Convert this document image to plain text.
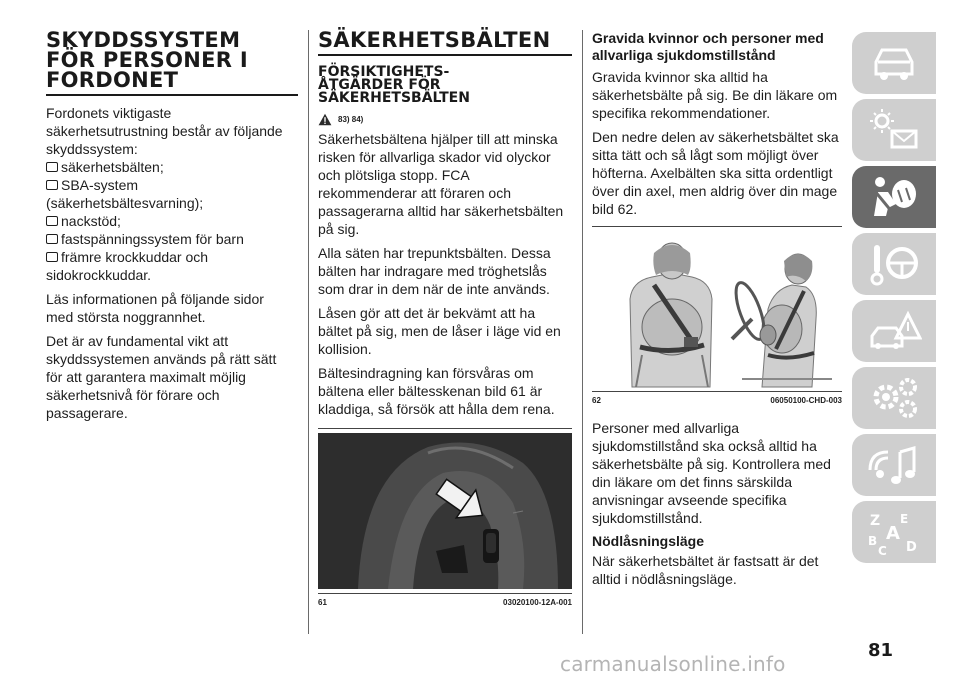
SKYDDSSYSTEM
FÖR PERSONER I
FORDONET

Fordonets viktigaste
säkerhetsutrustning består av följande
skyddssystem:

säkerhetsbälten;
SBA-system
(säkerhetsbältesvarning);
nackstöd;
fastspänningssystem för barn
främre krockkuddar och
sidokrockkuddar.

Läs informationen på följande sidor
med största noggrannhet.

Det är av fundamental vikt att
skyddssystemen används på rätt sätt
för att garantera maximalt möjlig
säkerhetsnivå för förare och
passagerare.

SÄKERHETSBÄLTEN
FÖRSIKTIGHETS-
ÅTGÄRDER FÖR
SÄKERHETSBÄLTEN
83) 84)

Säkerhetsbältena hjälper till att minska
risken för allvarliga skador vid olyckor
och plötsliga stopp. FCA
rekommenderar att föraren och
passagerarna alltid har säkerhetsbälten
på sig.

Alla säten har trepunktsbälten. Dessa
bälten har indragare med tröghetslås
som drar in dem när de inte används.

Låsen gör att det är bekvämt att ha
bältet på sig, men de låser i läge vid en
kollision.

Bältesindragning kan försvåras om
bältena eller bältesskenan bild 61 är
kladdiga, så försök att hålla dem rena.

61	03020100-12A-001
Gravida kvinnor och personer med
allvarliga sjukdomstillstånd

Gravida kvinnor ska alltid ha
säkerhetsbälte på sig. Be din läkare om
specifika rekommendationer.

Den nedre delen av säkerhetsbältet ska
sitta tätt och så lågt som möjligt över
höfterna. Axelbälten ska sitta ordentligt
över din axel, men aldrig över din mage
bild 62.

62	06050100-CHD-003

Personer med allvarliga
sjukdomstillstånd ska också alltid ha
säkerhetsbälte på sig. Kontrollera med
din läkare om det finns särskilda
anvisningar avseende specifika
sjukdomstillstånd.

Nödlåsningsläge

När säkerhetsbältet är fastsatt är det
alltid i nödlåsningsläge.

Z E
A
B
C D
81
carmanualsonline.info
